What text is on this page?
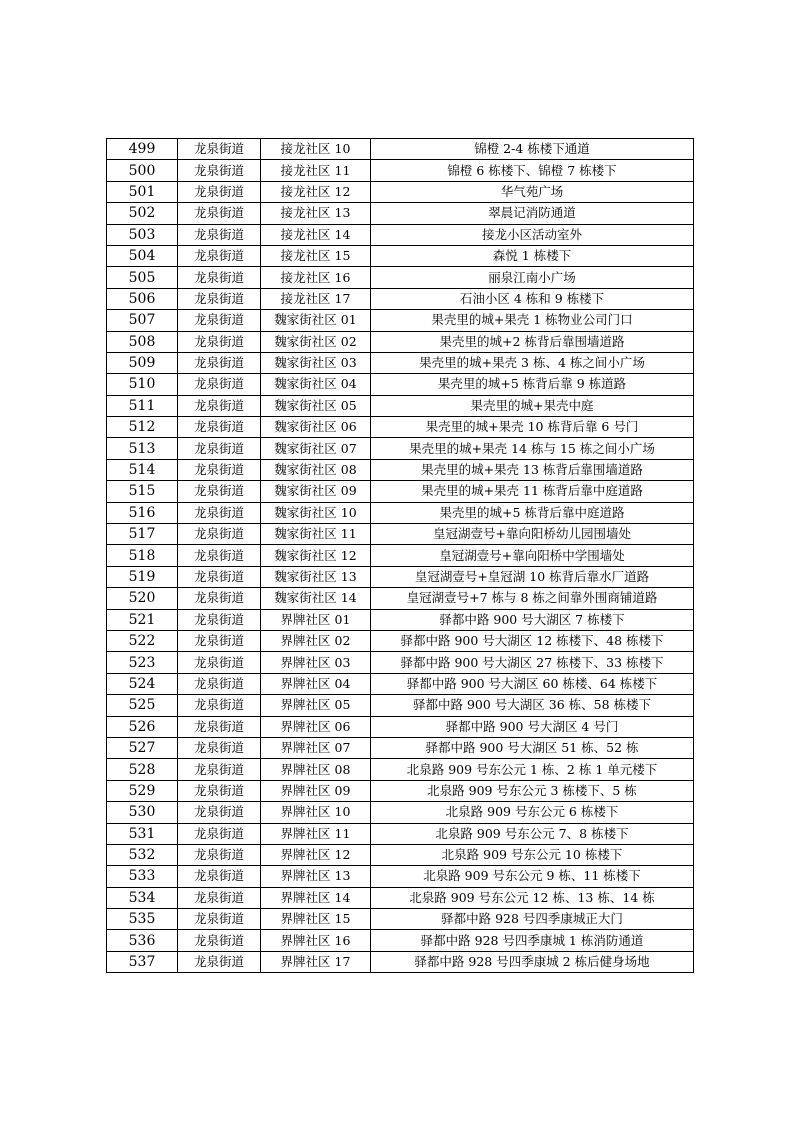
499	龙泉街道	接龙社区 10	锦橙 2-4 栋楼下通道
500	龙泉街道	接龙社区 11	锦橙 6 栋楼下、锦橙 7 栋楼下
501	龙泉街道	接龙社区 12	华气苑广场
502	龙泉街道	接龙社区 13	翠晨记消防通道
503	龙泉街道	接龙社区 14	接龙小区活动室外
504	龙泉街道	接龙社区 15	森悦 1 栋楼下
505	龙泉街道	接龙社区 16	丽泉江南小广场
506	龙泉街道	接龙社区 17	石油小区 4 栋和 9 栋楼下
507	龙泉街道	魏家街社区 01	果壳里的城+果壳 1 栋物业公司门口
508	龙泉街道	魏家街社区 02	果壳里的城+2 栋背后靠围墙道路
509	龙泉街道	魏家街社区 03	果壳里的城+果壳 3 栋、4 栋之间小广场
510	龙泉街道	魏家街社区 04	果壳里的城+5 栋背后靠 9 栋道路
511	龙泉街道	魏家街社区 05	果壳里的城+果壳中庭
512	龙泉街道	魏家街社区 06	果壳里的城+果壳 10 栋背后靠 6 号门
513	龙泉街道	魏家街社区 07	果壳里的城+果壳 14 栋与 15 栋之间小广场
514	龙泉街道	魏家街社区 08	果壳里的城+果壳 13 栋背后靠围墙道路
515	龙泉街道	魏家街社区 09	果壳里的城+果壳 11 栋背后靠中庭道路
516	龙泉街道	魏家街社区 10	果壳里的城+5 栋背后靠中庭道路
517	龙泉街道	魏家街社区 11	皇冠湖壹号+靠向阳桥幼儿园围墙处
518	龙泉街道	魏家街社区 12	皇冠湖壹号+靠向阳桥中学围墙处
519	龙泉街道	魏家街社区 13	皇冠湖壹号+皇冠湖 10 栋背后靠水厂道路
520	龙泉街道	魏家街社区 14	皇冠湖壹号+7 栋与 8 栋之间靠外围商铺道路
521	龙泉街道	界牌社区 01	驿都中路 900 号大湖区 7 栋楼下
522	龙泉街道	界牌社区 02	驿都中路 900 号大湖区 12 栋楼下、48 栋楼下
523	龙泉街道	界牌社区 03	驿都中路 900 号大湖区 27 栋楼下、33 栋楼下
524	龙泉街道	界牌社区 04	驿都中路 900 号大湖区 60 栋楼、64 栋楼下
525	龙泉街道	界牌社区 05	驿都中路 900 号大湖区 36 栋、58 栋楼下
526	龙泉街道	界牌社区 06	驿都中路 900 号大湖区 4 号门
527	龙泉街道	界牌社区 07	驿都中路 900 号大湖区 51 栋、52 栋
528	龙泉街道	界牌社区 08	北泉路 909 号东公元 1 栋、2 栋 1 单元楼下
529	龙泉街道	界牌社区 09	北泉路 909 号东公元 3 栋楼下、5 栋
530	龙泉街道	界牌社区 10	北泉路 909 号东公元 6 栋楼下
531	龙泉街道	界牌社区 11	北泉路 909 号东公元 7、8 栋楼下
532	龙泉街道	界牌社区 12	北泉路 909 号东公元 10 栋楼下
533	龙泉街道	界牌社区 13	北泉路 909 号东公元 9 栋、11 栋楼下
534	龙泉街道	界牌社区 14	北泉路 909 号东公元 12 栋、13 栋、14 栋
535	龙泉街道	界牌社区 15	驿都中路 928 号四季康城正大门
536	龙泉街道	界牌社区 16	驿都中路 928 号四季康城 1 栋消防通道
537	龙泉街道	界牌社区 17	驿都中路 928 号四季康城 2 栋后健身场地
